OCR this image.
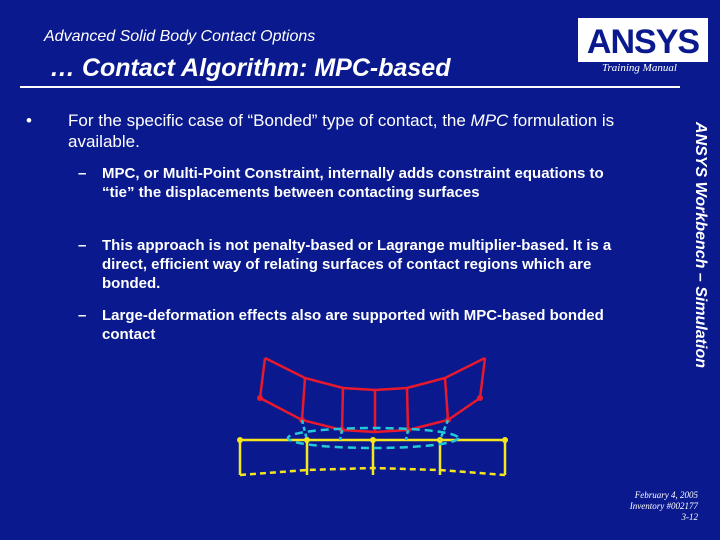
Advanced Solid Body Contact Options
… Contact Algorithm: MPC-based
ANSYS
Training Manual
ANSYS Workbench – Simulation
•	For the specific case of “Bonded” type of contact, the MPC formulation is available.
–	MPC, or Multi-Point Constraint, internally adds constraint equations to “tie” the displacements between contacting surfaces
–	This approach is not penalty-based or Lagrange multiplier-based. It is a direct, efficient way of relating surfaces of contact regions which are bonded.
–	Large-deformation effects also are supported with MPC-based bonded contact
February 4, 2005
Inventory #002177
3-12
